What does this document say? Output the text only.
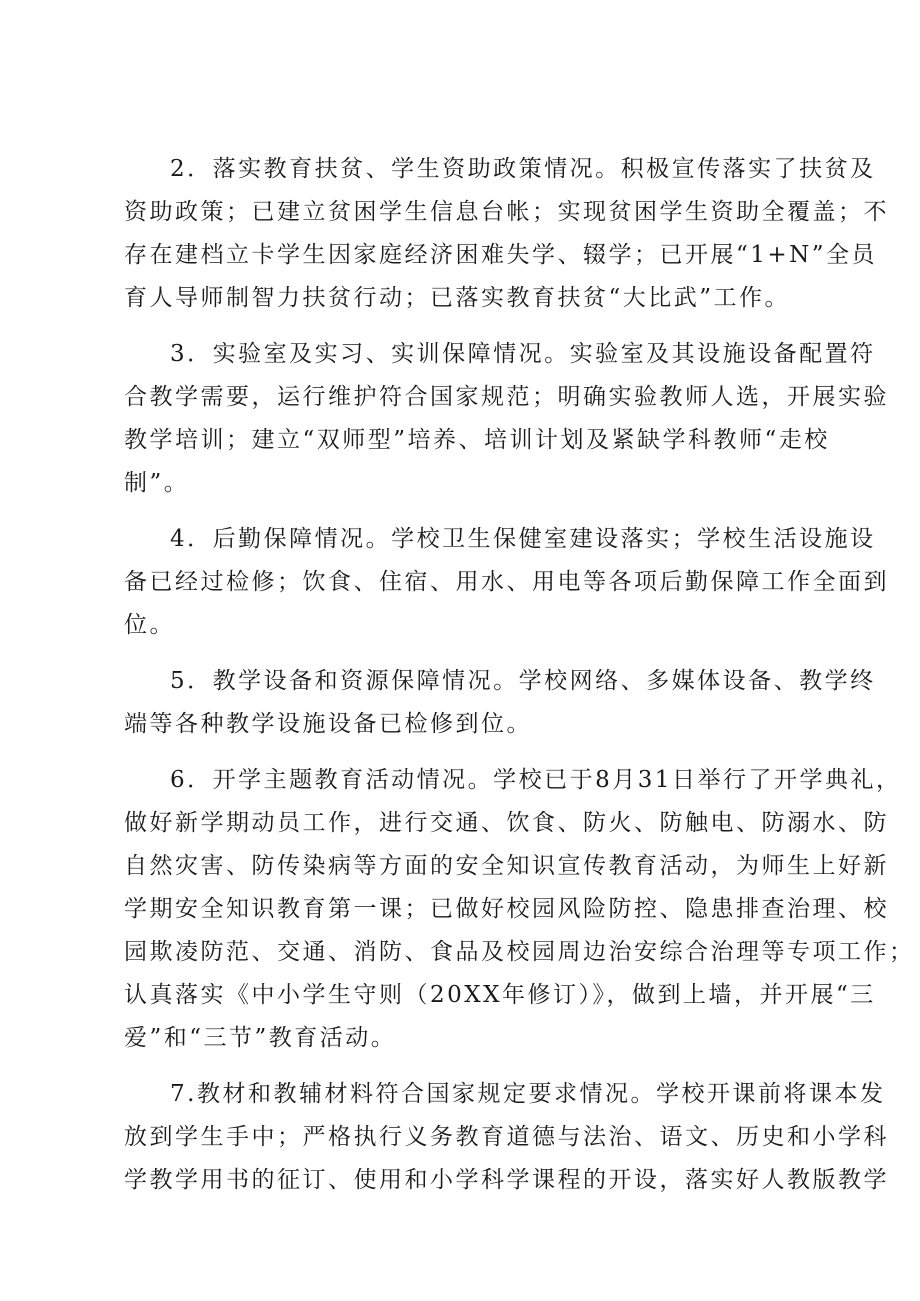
2．落实教育扶贫、学生资助政策情况。积极宣传落实了扶贫及
资助政策；已建立贫困学生信息台帐；实现贫困学生资助全覆盖；不
存在建档立卡学生因家庭经济困难失学、辍学；已开展“1+N”全员
育人导师制智力扶贫行动；已落实教育扶贫“大比武”工作。
3．实验室及实习、实训保障情况。实验室及其设施设备配置符
合教学需要，运行维护符合国家规范；明确实验教师人选，开展实验
教学培训；建立“双师型”培养、培训计划及紧缺学科教师“走校
制”。
4．后勤保障情况。学校卫生保健室建设落实；学校生活设施设
备已经过检修；饮食、住宿、用水、用电等各项后勤保障工作全面到
位。
5．教学设备和资源保障情况。学校网络、多媒体设备、教学终
端等各种教学设施设备已检修到位。
6．开学主题教育活动情况。学校已于8月31日举行了开学典礼，
做好新学期动员工作，进行交通、饮食、防火、防触电、防溺水、防
自然灾害、防传染病等方面的安全知识宣传教育活动，为师生上好新
学期安全知识教育第一课；已做好校园风险防控、隐患排查治理、校
园欺凌防范、交通、消防、食品及校园周边治安综合治理等专项工作；
认真落实《中小学生守则（20XX年修订）》，做到上墙，并开展“三
爱”和“三节”教育活动。
7.教材和教辅材料符合国家规定要求情况。学校开课前将课本发
放到学生手中；严格执行义务教育道德与法治、语文、历史和小学科
学教学用书的征订、使用和小学科学课程的开设，落实好人教版教学
